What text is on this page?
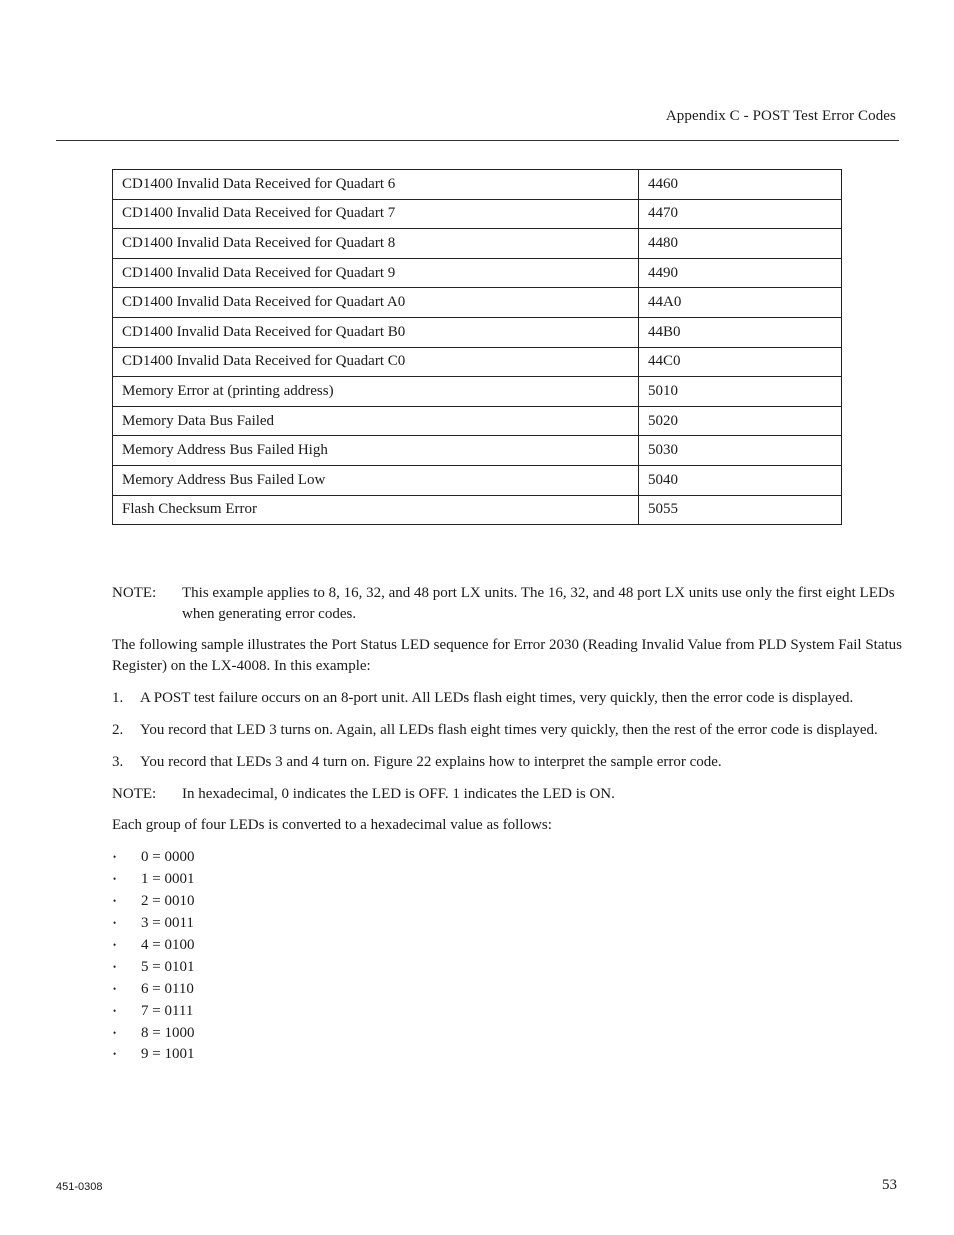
Appendix C - POST Test Error Codes
CD1400 Invalid Data Received for Quadart 6	4460
CD1400 Invalid Data Received for Quadart 7	4470
CD1400 Invalid Data Received for Quadart 8	4480
CD1400 Invalid Data Received for Quadart 9	4490
CD1400 Invalid Data Received for Quadart A0	44A0
CD1400 Invalid Data Received for Quadart B0	44B0
CD1400 Invalid Data Received for Quadart C0	44C0
Memory Error at (printing address)	5010
Memory Data Bus Failed	5020
Memory Address Bus Failed High	5030
Memory Address Bus Failed Low	5040
Flash Checksum Error	5055
NOTE:	This example applies to 8, 16, 32, and 48 port LX units. The 16, 32, and 48 port LX units use only the first eight LEDs when generating error codes.

The following sample illustrates the Port Status LED sequence for Error 2030 (Reading Invalid Value from PLD System Fail Status Register) on the LX-4008. In this example:

1.	A POST test failure occurs on an 8-port unit. All LEDs flash eight times, very quickly, then the error code is displayed.
2.	You record that LED 3 turns on. Again, all LEDs flash eight times very quickly, then the rest of the error code is displayed.
3.	You record that LEDs 3 and 4 turn on. Figure 22 explains how to interpret the sample error code.
NOTE:	In hexadecimal, 0 indicates the LED is OFF. 1 indicates the LED is ON.

Each group of four LEDs is converted to a hexadecimal value as follows:

•	0 = 0000
•	1 = 0001
•	2 = 0010
•	3 = 0011
•	4 = 0100
•	5 = 0101
•	6 = 0110
•	7 = 0111
•	8 = 1000
•	9 = 1001
451-0308	53
